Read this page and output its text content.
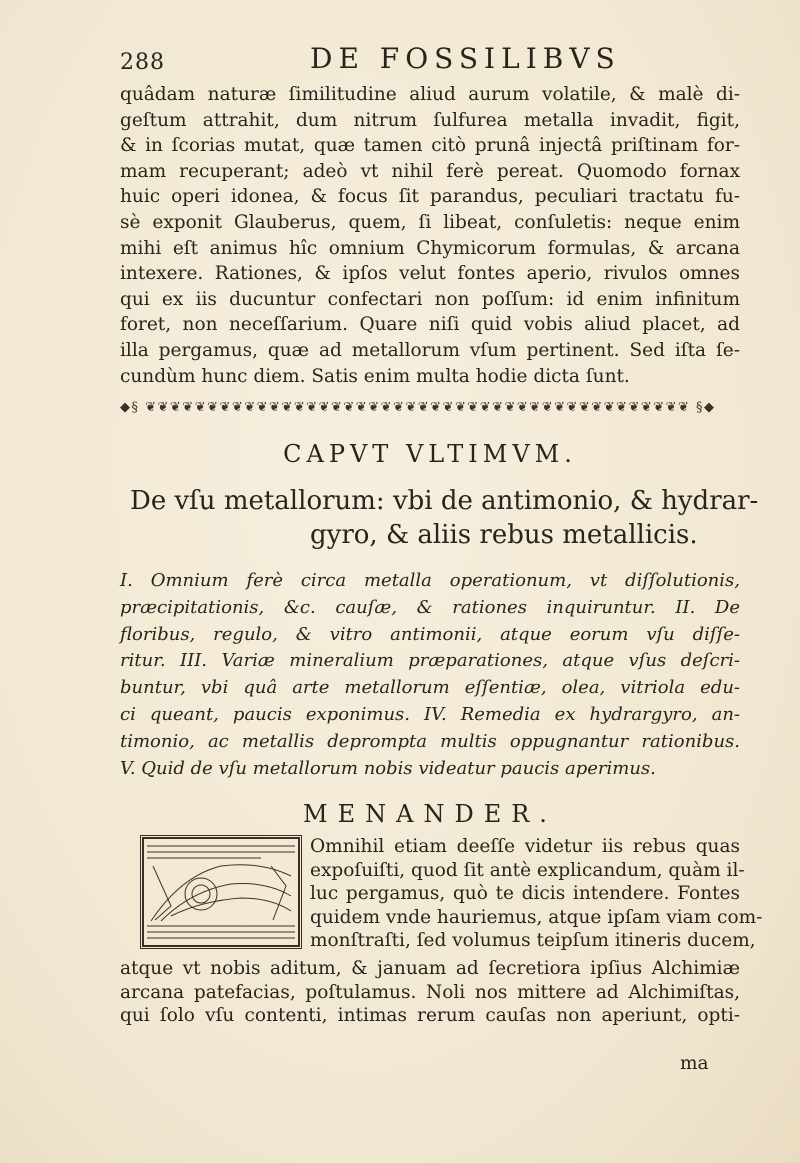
288	DE FOSSILIBVS
quâdam naturæ ſimilitudine aliud aurum volatile, & malè di-
geſtum attrahit, dum nitrum ſulfurea metalla invadit, figit,
& in ſcorias mutat, quæ tamen citò prunâ injectâ priſtinam for-
mam recuperant; adeò vt nihil ferè pereat. Quomodo fornax
huic operi idonea, & focus ſit parandus, peculiari tractatu fu-
sè exponit Glauberus, quem, ſi libeat, conſuletis: neque enim
mihi eſt animus hîc omnium Chymicorum formulas, & arcana
intexere. Rationes, & ipſos velut fontes aperio, rivulos omnes
qui ex iis ducuntur confectari non poſſum: id enim infinitum
foret, non neceſſarium. Quare niſi quid vobis aliud placet, ad
illa pergamus, quæ ad metallorum vſum pertinent. Sed iſta ſe-
cundùm hunc diem. Satis enim multa hodie dicta ſunt.
◆§ ❦❦❦❦❦❦❦❦❦❦❦❦❦❦❦❦❦❦❦❦❦❦❦❦❦❦❦❦❦❦❦❦❦❦❦❦❦❦❦❦❦❦❦❦ §◆
CAPVT VLTIMVM.
De vſu metallorum: vbi de antimonio, & hydrar-
gyro, & aliis rebus metallicis.
I. Omnium ferè circa metalla operationum, vt diſſolutionis,
præcipitationis, &c. cauſæ, & rationes inquiruntur. II. De
floribus, regulo, & vitro antimonii, atque eorum vſu diſſe-
ritur. III. Variæ mineralium præparationes, atque vſus deſcri-
buntur, vbi quâ arte metallorum eſſentiæ, olea, vitriola edu-
ci queant, paucis exponimus. IV. Remedia ex hydrargyro, an-
timonio, ac metallis deprompta multis oppugnantur rationibus.
V. Quid de vſu metallorum nobis videatur paucis aperimus.
MENANDER.
Omnihil etiam deeſſe videtur iis rebus quas
expoſuiſti, quod ſit antè explicandum, quàm il-
luc pergamus, quò te dicis intendere. Fontes
quidem vnde hauriemus, atque ipſam viam com-
monſtraſti, ſed volumus teipſum itineris ducem,
atque vt nobis aditum, & januam ad ſecretiora ipſius Alchimiæ
arcana patefacias, poſtulamus. Noli nos mittere ad Alchimiſtas,
qui ſolo vſu contenti, intimas rerum cauſas non aperiunt, opti-
ma
